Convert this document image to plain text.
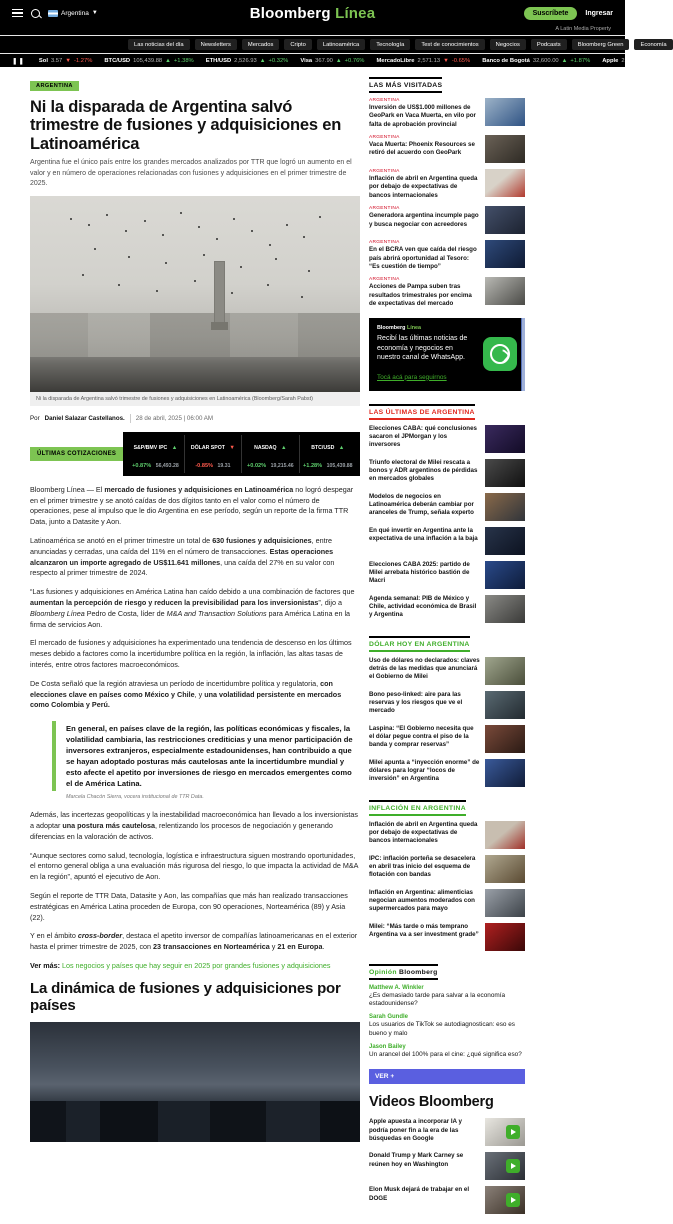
Argentina ▼	Bloomberg Línea	Suscríbete	Ingresar
A Latin Media Property
Las noticias del día	Newsletters	Mercados	Cripto	Latinoamérica	Tecnología	Test de conocimientos	Negocios	Podcasts	Bloomberg Green	Economía
❚❚ Sol 3.57 ▼ -1.27% BTC/USD 105,439.88 ▲ +1.38% ETH/USD 2,526.93 ▲ +0.32% Visa 367.90 ▲ +0.76% MercadoLibre 2,571.13 ▼ -0.65% Banco de Bogotá 32,600.00 ▲ +1.87% Apple 2
ARGENTINA
Ni la disparada de Argentina salvó trimestre de fusiones y adquisiciones en Latinoamérica
Argentina fue el único país entre los grandes mercados analizados por TTR que logró un aumento en el valor y en número de operaciones relacionadas con fusiones y adquisiciones en el primer trimestre de 2025.
Ni la disparada de Argentina salvó trimestre de fusiones y adquisiciones en Latinoamérica (Bloomberg/Sarah Pabst)
Por Daniel Salazar Castellanos. 28 de abril, 2025 | 06:00 AM
ÚLTIMAS COTIZACIONES
S&P/BMV IPC ▲ +0.87% 56,493.28
DÓLAR SPOT ▼ -0.85% 19.31
NASDAQ ▲ +0.02% 19,215.46
BTC/USD ▲ +1.28% 105,439.88

Bloomberg Línea — El mercado de fusiones y adquisiciones en Latinoamérica no logró despegar en el primer trimestre y se anotó caídas de dos dígitos tanto en el valor como el número de operaciones, pese al impulso que le dio Argentina en ese período, según un reporte de la firma TTR Data, junto a Datasite y Aon.

Latinoamérica se anotó en el primer trimestre un total de 630 fusiones y adquisiciones, entre anunciadas y cerradas, una caída del 11% en el número de transacciones. Estas operaciones alcanzaron un importe agregado de US$11.641 millones, una caída del 27% en su valor con respecto al primer trimestre de 2024.

“Las fusiones y adquisiciones en América Latina han caído debido a una combinación de factores que aumentan la percepción de riesgo y reducen la previsibilidad para los inversionistas”, dijo a Bloomberg Línea Pedro de Costa, líder de M&A and Transaction Solutions para América Latina en la firma de servicios Aon.

El mercado de fusiones y adquisiciones ha experimentado una tendencia de descenso en los últimos meses debido a factores como la incertidumbre política en la región, la inflación, las altas tasas de interés, entre otros factores macroeconómicos.

De Costa señaló que la región atraviesa un período de incertidumbre política y regulatoria, con elecciones clave en países como México y Chile, y una volatilidad persistente en mercados como Colombia y Perú.

En general, en países clave de la región, las políticas económicas y fiscales, la volatilidad cambiaria, las restricciones crediticias y una menor participación de inversores extranjeros, especialmente estadounidenses, han contribuido a que se hayan adoptado posturas más cautelosas ante la incertidumbre mundial y esto afecte el apetito por inversiones de riesgo en mercados emergentes como el de América Latina.
Marcela Chacón Sierra, vocera institucional de TTR Data.

Además, las incertezas geopolíticas y la inestabilidad macroeconómica han llevado a los inversionistas a adoptar una postura más cautelosa, relentizando los procesos de negociación y generando diferencias en la valoración de activos.

“Aunque sectores como salud, tecnología, logística e infraestructura siguen mostrando oportunidades, el entorno general obliga a una evaluación más rigurosa del riesgo, lo que impacta la actividad de M&A en la región”, apuntó el ejecutivo de Aon.

Según el reporte de TTR Data, Datasite y Aon, las compañías que más han realizado transacciones estratégicas en América Latina proceden de Europa, con 90 operaciones, Norteamérica (89) y Asia (22).

Y en el ámbito cross-border, destaca el apetito inversor de compañías latinoamericanas en el exterior hasta el primer trimestre de 2025, con 23 transacciones en Norteamérica y 21 en Europa.

Ver más: Los negocios y países que hay seguir en 2025 por grandes fusiones y adquisiciones

La dinámica de fusiones y adquisiciones por países
LAS MÁS VISITADAS
ARGENTINA
Inversión de US$1.000 millones de GeoPark en Vaca Muerta, en vilo por falta de aprobación provincial
ARGENTINA
Vaca Muerta: Phoenix Resources se retiró del acuerdo con GeoPark
ARGENTINA
Inflación de abril en Argentina queda por debajo de expectativas de bancos internacionales
ARGENTINA
Generadora argentina incumple pago y busca negociar con acreedores
ARGENTINA
En el BCRA ven que caída del riesgo país abrirá oportunidad al Tesoro: “Es cuestión de tiempo”
ARGENTINA
Acciones de Pampa suben tras resultados trimestrales por encima de expectativas del mercado
Bloomberg Línea
Recibí las últimas noticias de economía y negocios en nuestro canal de WhatsApp.
Tocá acá para seguirnos
LAS ÚLTIMAS DE ARGENTINA
Elecciones CABA: qué conclusiones sacaron el JPMorgan y los inversores
Triunfo electoral de Milei rescata a bonos y ADR argentinos de pérdidas en mercados globales
Modelos de negocios en Latinoamérica deberán cambiar por aranceles de Trump, señala experto
En qué invertir en Argentina ante la expectativa de una inflación a la baja
Elecciones CABA 2025: partido de Milei arrebata histórico bastión de Macri
Agenda semanal: PIB de México y Chile, actividad económica de Brasil y Argentina
DÓLAR HOY EN ARGENTINA
Uso de dólares no declarados: claves detrás de las medidas que anunciará el Gobierno de Milei
Bono peso-linked: aire para las reservas y los riesgos que ve el mercado
Laspina: “El Gobierno necesita que el dólar pegue contra el piso de la banda y comprar reservas”
Milei apunta a “inyección enorme” de dólares para lograr “locos de inversión” en Argentina
INFLACIÓN EN ARGENTINA
Inflación de abril en Argentina queda por debajo de expectativas de bancos internacionales
IPC: inflación porteña se desacelera en abril tras inicio del esquema de flotación con bandas
Inflación en Argentina: alimenticias negocian aumentos moderados con supermercados para mayo
Milei: “Más tarde o más temprano Argentina va a ser investment grade”
Opinión Bloomberg
Matthew A. Winkler
¿Es demasiado tarde para salvar a la economía estadounidense?
Sarah Gundle
Los usuarios de TikTok se autodiagnostican: eso es bueno y malo
Jason Bailey
Un arancel del 100% para el cine: ¿qué significa eso?
VER +
Videos Bloomberg
Apple apuesta a incorporar IA y podría poner fin a la era de las búsquedas en Google
Donald Trump y Mark Carney se reúnen hoy en Washington
Elon Musk dejará de trabajar en el DOGE
